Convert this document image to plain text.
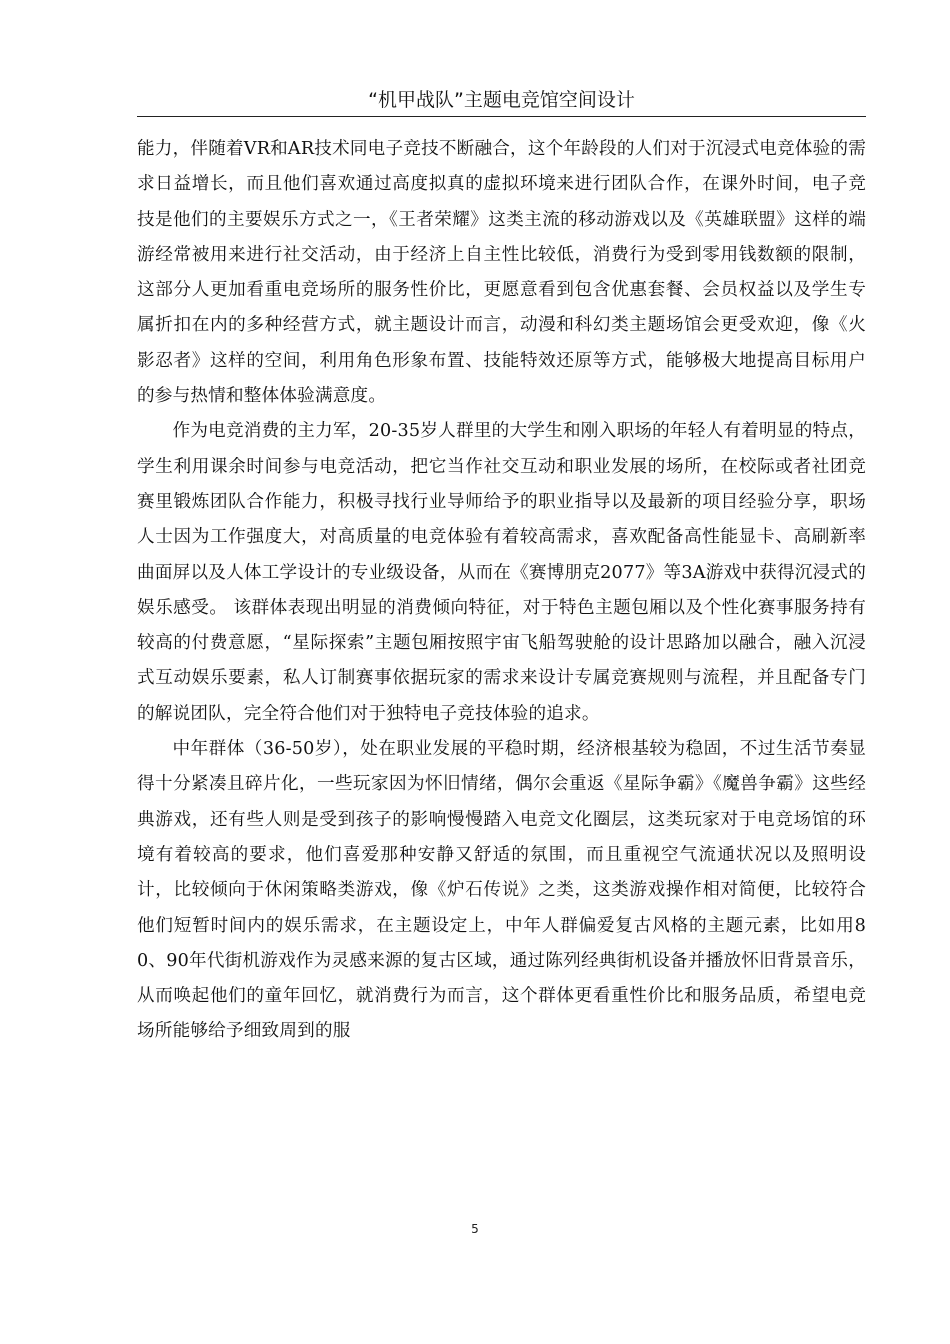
“机甲战队”主题电竞馆空间设计

能力，伴随着VR和AR技术同电子竞技不断融合，这个年龄段的人们对于沉浸式电竞体验的需求日益增长，而且他们喜欢通过高度拟真的虚拟环境来进行团队合作，在课外时间，电子竞技是他们的主要娱乐方式之一，《王者荣耀》这类主流的移动游戏以及《英雄联盟》这样的端游经常被用来进行社交活动，由于经济上自主性比较低，消费行为受到零用钱数额的限制，这部分人更加看重电竞场所的服务性价比，更愿意看到包含优惠套餐、会员权益以及学生专属折扣在内的多种经营方式，就主题设计而言，动漫和科幻类主题场馆会更受欢迎，像《火影忍者》这样的空间，利用角色形象布置、技能特效还原等方式，能够极大地提高目标用户的参与热情和整体体验满意度。

作为电竞消费的主力军，20-35岁人群里的大学生和刚入职场的年轻人有着明显的特点，学生利用课余时间参与电竞活动，把它当作社交互动和职业发展的场所，在校际或者社团竞赛里锻炼团队合作能力，积极寻找行业导师给予的职业指导以及最新的项目经验分享，职场人士因为工作强度大，对高质量的电竞体验有着较高需求，喜欢配备高性能显卡、高刷新率曲面屏以及人体工学设计的专业级设备，从而在《赛博朋克2077》等3A游戏中获得沉浸式的娱乐感受。 该群体表现出明显的消费倾向特征，对于特色主题包厢以及个性化赛事服务持有较高的付费意愿，“星际探索”主题包厢按照宇宙飞船驾驶舱的设计思路加以融合，融入沉浸式互动娱乐要素，私人订制赛事依据玩家的需求来设计专属竞赛规则与流程，并且配备专门的解说团队，完全符合他们对于独特电子竞技体验的追求。

中年群体（36-50岁），处在职业发展的平稳时期，经济根基较为稳固，不过生活节奏显得十分紧凑且碎片化，一些玩家因为怀旧情绪，偶尔会重返《星际争霸》《魔兽争霸》这些经典游戏，还有些人则是受到孩子的影响慢慢踏入电竞文化圈层，这类玩家对于电竞场馆的环境有着较高的要求，他们喜爱那种安静又舒适的氛围，而且重视空气流通状况以及照明设计，比较倾向于休闲策略类游戏，像《炉石传说》之类，这类游戏操作相对简便，比较符合他们短暂时间内的娱乐需求，在主题设定上，中年人群偏爱复古风格的主题元素，比如用80、90年代街机游戏作为灵感来源的复古区域，通过陈列经典街机设备并播放怀旧背景音乐，从而唤起他们的童年回忆，就消费行为而言，这个群体更看重性价比和服务品质，希望电竞场所能够给予细致周到的服

5
